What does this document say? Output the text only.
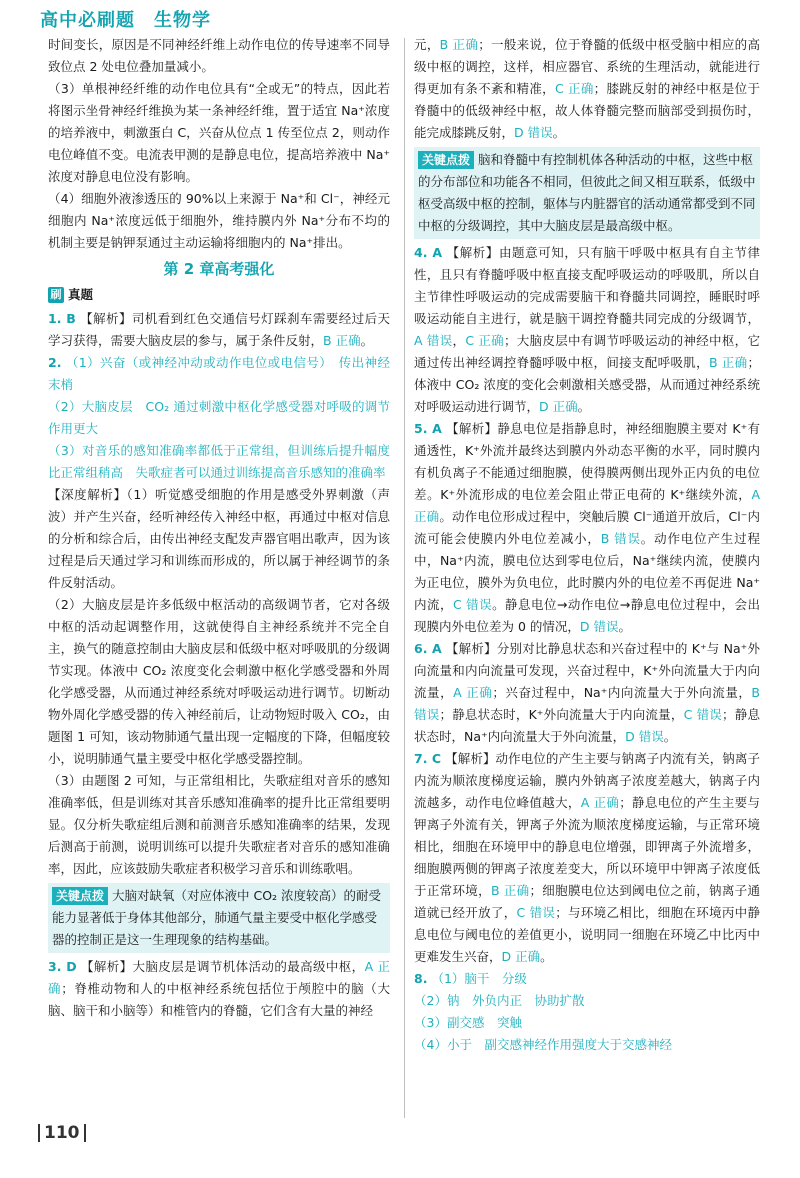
高中必刷题　生物学

时间变长，原因是不同神经纤维上动作电位的传导速率不同导致位点 2 处电位叠加量减小。

（3）单根神经纤维的动作电位具有“全或无”的特点，因此若将图示坐骨神经纤维换为某一条神经纤维，置于适宜 Na⁺浓度的培养液中，刺激蛋白 C，兴奋从位点 1 传至位点 2，则动作电位峰值不变。电流表甲测的是静息电位，提高培养液中 Na⁺浓度对静息电位没有影响。

（4）细胞外液渗透压的 90%以上来源于 Na⁺和 Cl⁻，神经元细胞内 Na⁺浓度远低于细胞外，维持膜内外 Na⁺分布不均的机制主要是钠钾泵通过主动运输将细胞内的 Na⁺排出。

第 2 章高考强化
刷 真题

1. B 【解析】司机看到红色交通信号灯踩刹车需要经过后天学习获得，需要大脑皮层的参与，属于条件反射，B 正确。

2. （1）兴奋（或神经冲动或动作电位或电信号）　传出神经末梢

（2）大脑皮层　CO₂ 通过刺激中枢化学感受器对呼吸的调节作用更大

（3）对音乐的感知准确率都低于正常组，但训练后提升幅度比正常组稍高　失歌症者可以通过训练提高音乐感知的准确率

【深度解析】（1）听觉感受细胞的作用是感受外界刺激（声波）并产生兴奋，经听神经传入神经中枢，再通过中枢对信息的分析和综合后，由传出神经支配发声器官唱出歌声，因为该过程是后天通过学习和训练而形成的，所以属于神经调节的条件反射活动。

（2）大脑皮层是许多低级中枢活动的高级调节者，它对各级中枢的活动起调整作用，这就使得自主神经系统并不完全自主，换气的随意控制由大脑皮层和低级中枢对呼吸肌的分级调节实现。体液中 CO₂ 浓度变化会刺激中枢化学感受器和外周化学感受器，从而通过神经系统对呼吸运动进行调节。切断动物外周化学感受器的传入神经前后，让动物短时吸入 CO₂，由题图 1 可知，该动物肺通气量出现一定幅度的下降，但幅度较小，说明肺通气量主要受中枢化学感受器控制。

（3）由题图 2 可知，与正常组相比，失歌症组对音乐的感知准确率低，但是训练对其音乐感知准确率的提升比正常组要明显。仅分析失歌症组后测和前测音乐感知准确率的结果，发现后测高于前测，说明训练可以提升失歌症者对音乐的感知准确率，因此，应该鼓励失歌症者积极学习音乐和训练歌唱。

关键点拨 大脑对缺氧（对应体液中 CO₂ 浓度较高）的耐受能力显著低于身体其他部分，肺通气量主要受中枢化学感受器的控制正是这一生理现象的结构基础。

3. D 【解析】大脑皮层是调节机体活动的最高级中枢，A 正确；脊椎动物和人的中枢神经系统包括位于颅腔中的脑（大脑、脑干和小脑等）和椎管内的脊髓，它们含有大量的神经

元，B 正确；一般来说，位于脊髓的低级中枢受脑中相应的高级中枢的调控，这样，相应器官、系统的生理活动，就能进行得更加有条不紊和精准，C 正确；膝跳反射的神经中枢是位于脊髓中的低级神经中枢，故人体脊髓完整而脑部受到损伤时，能完成膝跳反射，D 错误。

关键点拨 脑和脊髓中有控制机体各种活动的中枢，这些中枢的分布部位和功能各不相同，但彼此之间又相互联系，低级中枢受高级中枢的控制，躯体与内脏器官的活动通常都受到不同中枢的分级调控，其中大脑皮层是最高级中枢。

4. A 【解析】由题意可知，只有脑干呼吸中枢具有自主节律性，且只有脊髓呼吸中枢直接支配呼吸运动的呼吸肌，所以自主节律性呼吸运动的完成需要脑干和脊髓共同调控，睡眠时呼吸运动能自主进行，就是脑干调控脊髓共同完成的分级调节，A 错误，C 正确；大脑皮层中有调节呼吸运动的神经中枢，它通过传出神经调控脊髓呼吸中枢，间接支配呼吸肌，B 正确；体液中 CO₂ 浓度的变化会刺激相关感受器，从而通过神经系统对呼吸运动进行调节，D 正确。

5. A 【解析】静息电位是指静息时，神经细胞膜主要对 K⁺有通透性，K⁺外流并最终达到膜内外动态平衡的水平，同时膜内有机负离子不能通过细胞膜，使得膜两侧出现外正内负的电位差。K⁺外流形成的电位差会阻止带正电荷的 K⁺继续外流，A 正确。动作电位形成过程中，突触后膜 Cl⁻通道开放后，Cl⁻内流可能会使膜内外电位差减小，B 错误。动作电位产生过程中，Na⁺内流，膜电位达到零电位后，Na⁺继续内流，使膜内为正电位，膜外为负电位，此时膜内外的电位差不再促进 Na⁺内流，C 错误。静息电位→动作电位→静息电位过程中，会出现膜内外电位差为 0 的情况，D 错误。

6. A 【解析】分别对比静息状态和兴奋过程中的 K⁺与 Na⁺外向流量和内向流量可发现，兴奋过程中，K⁺外向流量大于内向流量，A 正确；兴奋过程中，Na⁺内向流量大于外向流量，B 错误；静息状态时，K⁺外向流量大于内向流量，C 错误；静息状态时，Na⁺内向流量大于外向流量，D 错误。

7. C 【解析】动作电位的产生主要与钠离子内流有关，钠离子内流为顺浓度梯度运输，膜内外钠离子浓度差越大，钠离子内流越多，动作电位峰值越大，A 正确；静息电位的产生主要与钾离子外流有关，钾离子外流为顺浓度梯度运输，与正常环境相比，细胞在环境甲中的静息电位增强，即钾离子外流增多，细胞膜两侧的钾离子浓度差变大，所以环境甲中钾离子浓度低于正常环境，B 正确；细胞膜电位达到阈电位之前，钠离子通道就已经开放了，C 错误；与环境乙相比，细胞在环境丙中静息电位与阈电位的差值更小，说明同一细胞在环境乙中比丙中更难发生兴奋，D 正确。

8. （1）脑干　分级

（2）钠　外负内正　协助扩散

（3）副交感　突触

（4）小于　副交感神经作用强度大于交感神经

110
